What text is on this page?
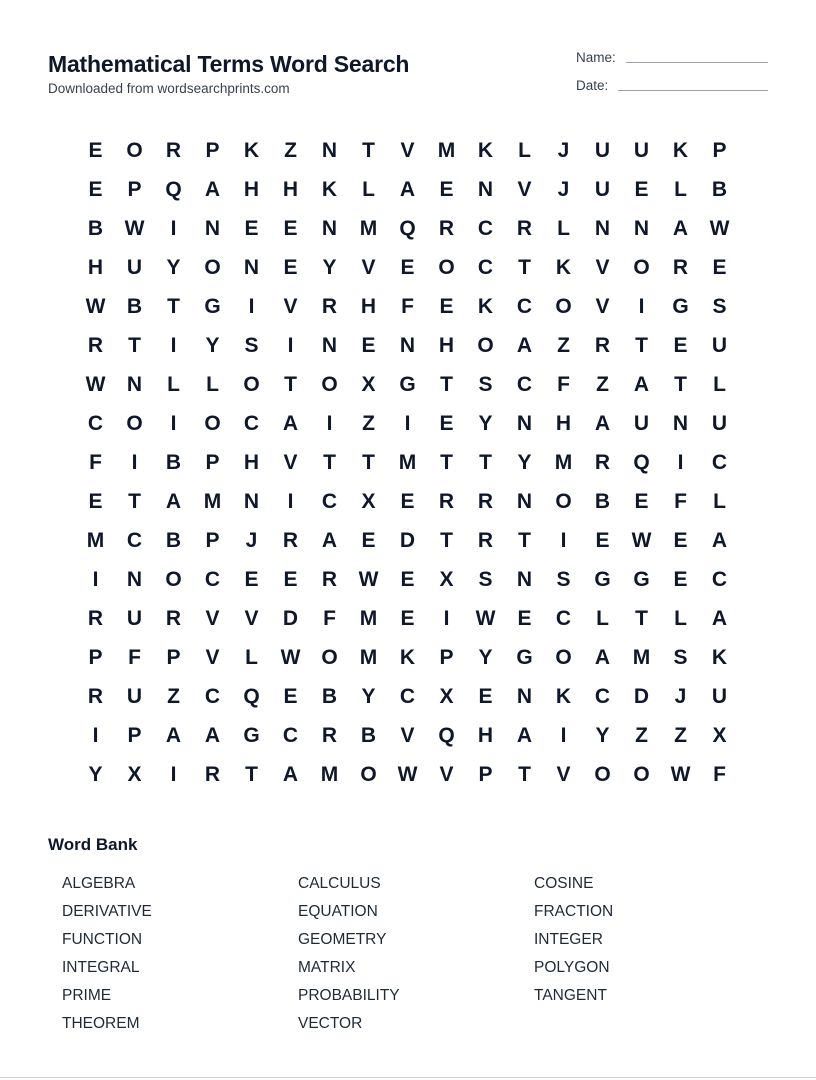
Mathematical Terms Word Search
Downloaded from wordsearchprints.com
Name:
Date:
E	O	R	P	K	Z	N	T	V	M	K	L	J	U	U	K	P
E	P	Q	A	H	H	K	L	A	E	N	V	J	U	E	L	B
B	W	I	N	E	E	N	M	Q	R	C	R	L	N	N	A	W
H	U	Y	O	N	E	Y	V	E	O	C	T	K	V	O	R	E
W	B	T	G	I	V	R	H	F	E	K	C	O	V	I	G	S
R	T	I	Y	S	I	N	E	N	H	O	A	Z	R	T	E	U
W	N	L	L	O	T	O	X	G	T	S	C	F	Z	A	T	L
C	O	I	O	C	A	I	Z	I	E	Y	N	H	A	U	N	U
F	I	B	P	H	V	T	T	M	T	T	Y	M	R	Q	I	C
E	T	A	M	N	I	C	X	E	R	R	N	O	B	E	F	L
M	C	B	P	J	R	A	E	D	T	R	T	I	E	W	E	A
I	N	O	C	E	E	R	W	E	X	S	N	S	G	G	E	C
R	U	R	V	V	D	F	M	E	I	W	E	C	L	T	L	A
P	F	P	V	L	W O	M	K	P	Y	G	O	A	M	S	K
R	U	Z	C	Q	E	B	Y	C	X	E	N	K	C	D	J	U
I	P	A	A	G	C	R	B	V	Q	H	A	I	Y	Z	Z	X
Y	X	I	R	T	A	M	O W	V	P	T	V	O	O W	F
Word Bank
ALGEBRA
DERIVATIVE
FUNCTION
INTEGRAL
PRIME
THEOREM
CALCULUS
EQUATION
GEOMETRY
MATRIX
PROBABILITY
VECTOR
COSINE
FRACTION
INTEGER
POLYGON
TANGENT
